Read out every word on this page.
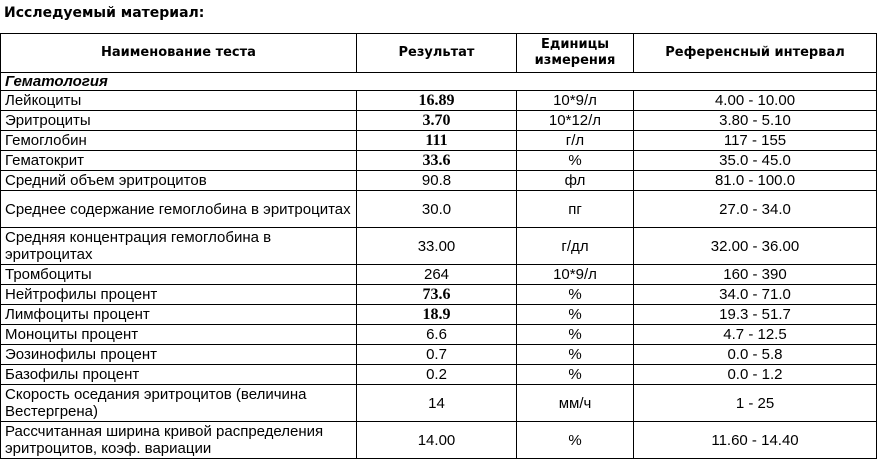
Исследуемый материал:
Наименование теста	Результат	Единицы измерения	Референсный интервал
Гематология			
Лейкоциты	16.89	10*9/л	4.00 - 10.00
Эритроциты	3.70	10*12/л	3.80 - 5.10
Гемоглобин	111	г/л	117 - 155
Гематокрит	33.6	%	35.0 - 45.0
Средний объем эритроцитов	90.8	фл	81.0 - 100.0
Среднее содержание гемоглобина в эритроцитах	30.0	пг	27.0 - 34.0
Средняя концентрация гемоглобина в эритроцитах	33.00	г/дл	32.00 - 36.00
Тромбоциты	264	10*9/л	160 - 390
Нейтрофилы процент	73.6	%	34.0 - 71.0
Лимфоциты процент	18.9	%	19.3 - 51.7
Моноциты процент	6.6	%	4.7 - 12.5
Эозинофилы процент	0.7	%	0.0 - 5.8
Базофилы процент	0.2	%	0.0 - 1.2
Скорость оседания эритроцитов (величина Вестергрена)	14	мм/ч	1 - 25
Рассчитанная ширина кривой распределения эритроцитов, коэф. вариации	14.00	%	11.60 - 14.40
